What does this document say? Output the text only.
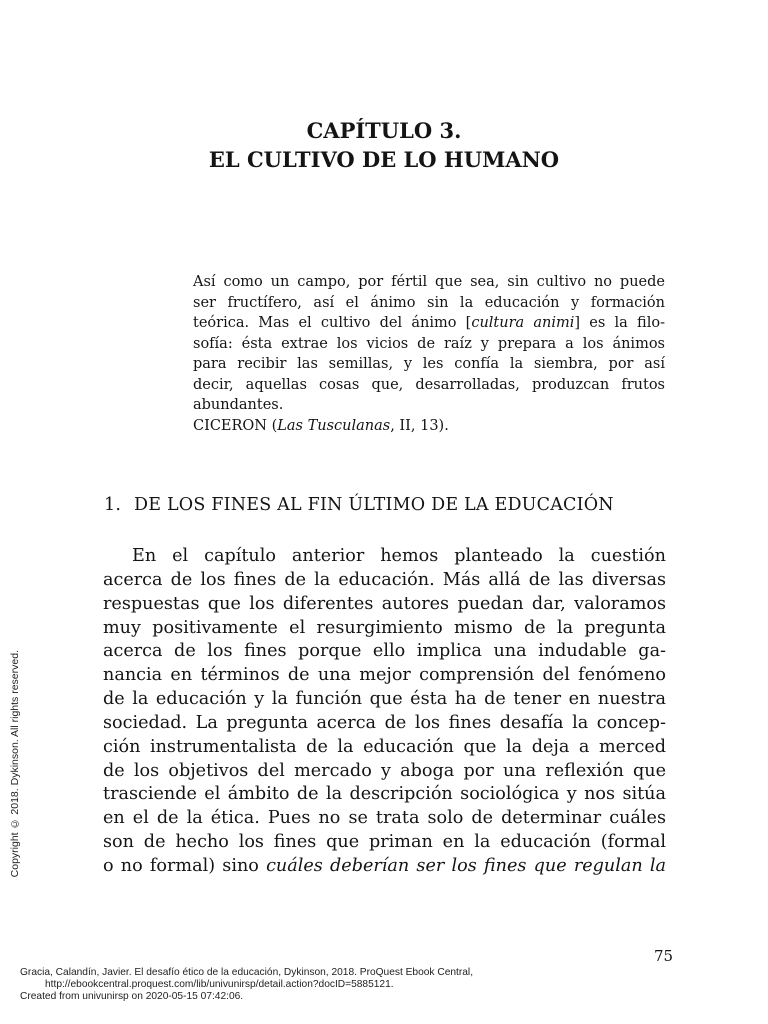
CAPÍTULO 3.
EL CULTIVO DE LO HUMANO
Así como un campo, por fértil que sea, sin cultivo no puede
ser fructífero, así el ánimo sin la educación y formación
teórica. Mas el cultivo del ánimo [cultura animi] es la filo-
sofía: ésta extrae los vicios de raíz y prepara a los ánimos
para recibir las semillas, y les confía la siembra, por así
decir, aquellas cosas que, desarrolladas, produzcan frutos
abundantes.
CICERON (Las Tusculanas, II, 13).
1. DE LOS FINES AL FIN ÚLTIMO DE LA EDUCACIÓN
En el capítulo anterior hemos planteado la cuestión
acerca de los fines de la educación. Más allá de las diversas
respuestas que los diferentes autores puedan dar, valoramos
muy positivamente el resurgimiento mismo de la pregunta
acerca de los fines porque ello implica una indudable ga-
nancia en términos de una mejor comprensión del fenómeno
de la educación y la función que ésta ha de tener en nuestra
sociedad. La pregunta acerca de los fines desafía la concep-
ción instrumentalista de la educación que la deja a merced
de los objetivos del mercado y aboga por una reflexión que
trasciende el ámbito de la descripción sociológica y nos sitúa
en el de la ética. Pues no se trata solo de determinar cuáles
son de hecho los fines que priman en la educación (formal
o no formal) sino cuáles deberían ser los fines que regulan la
Copyright © 2018. Dykinson. All rights reserved.
75
Gracia, Calandín, Javier. El desafío ético de la educación, Dykinson, 2018. ProQuest Ebook Central,
http://ebookcentral.proquest.com/lib/univunirsp/detail.action?docID=5885121.
Created from univunirsp on 2020-05-15 07:42:06.
